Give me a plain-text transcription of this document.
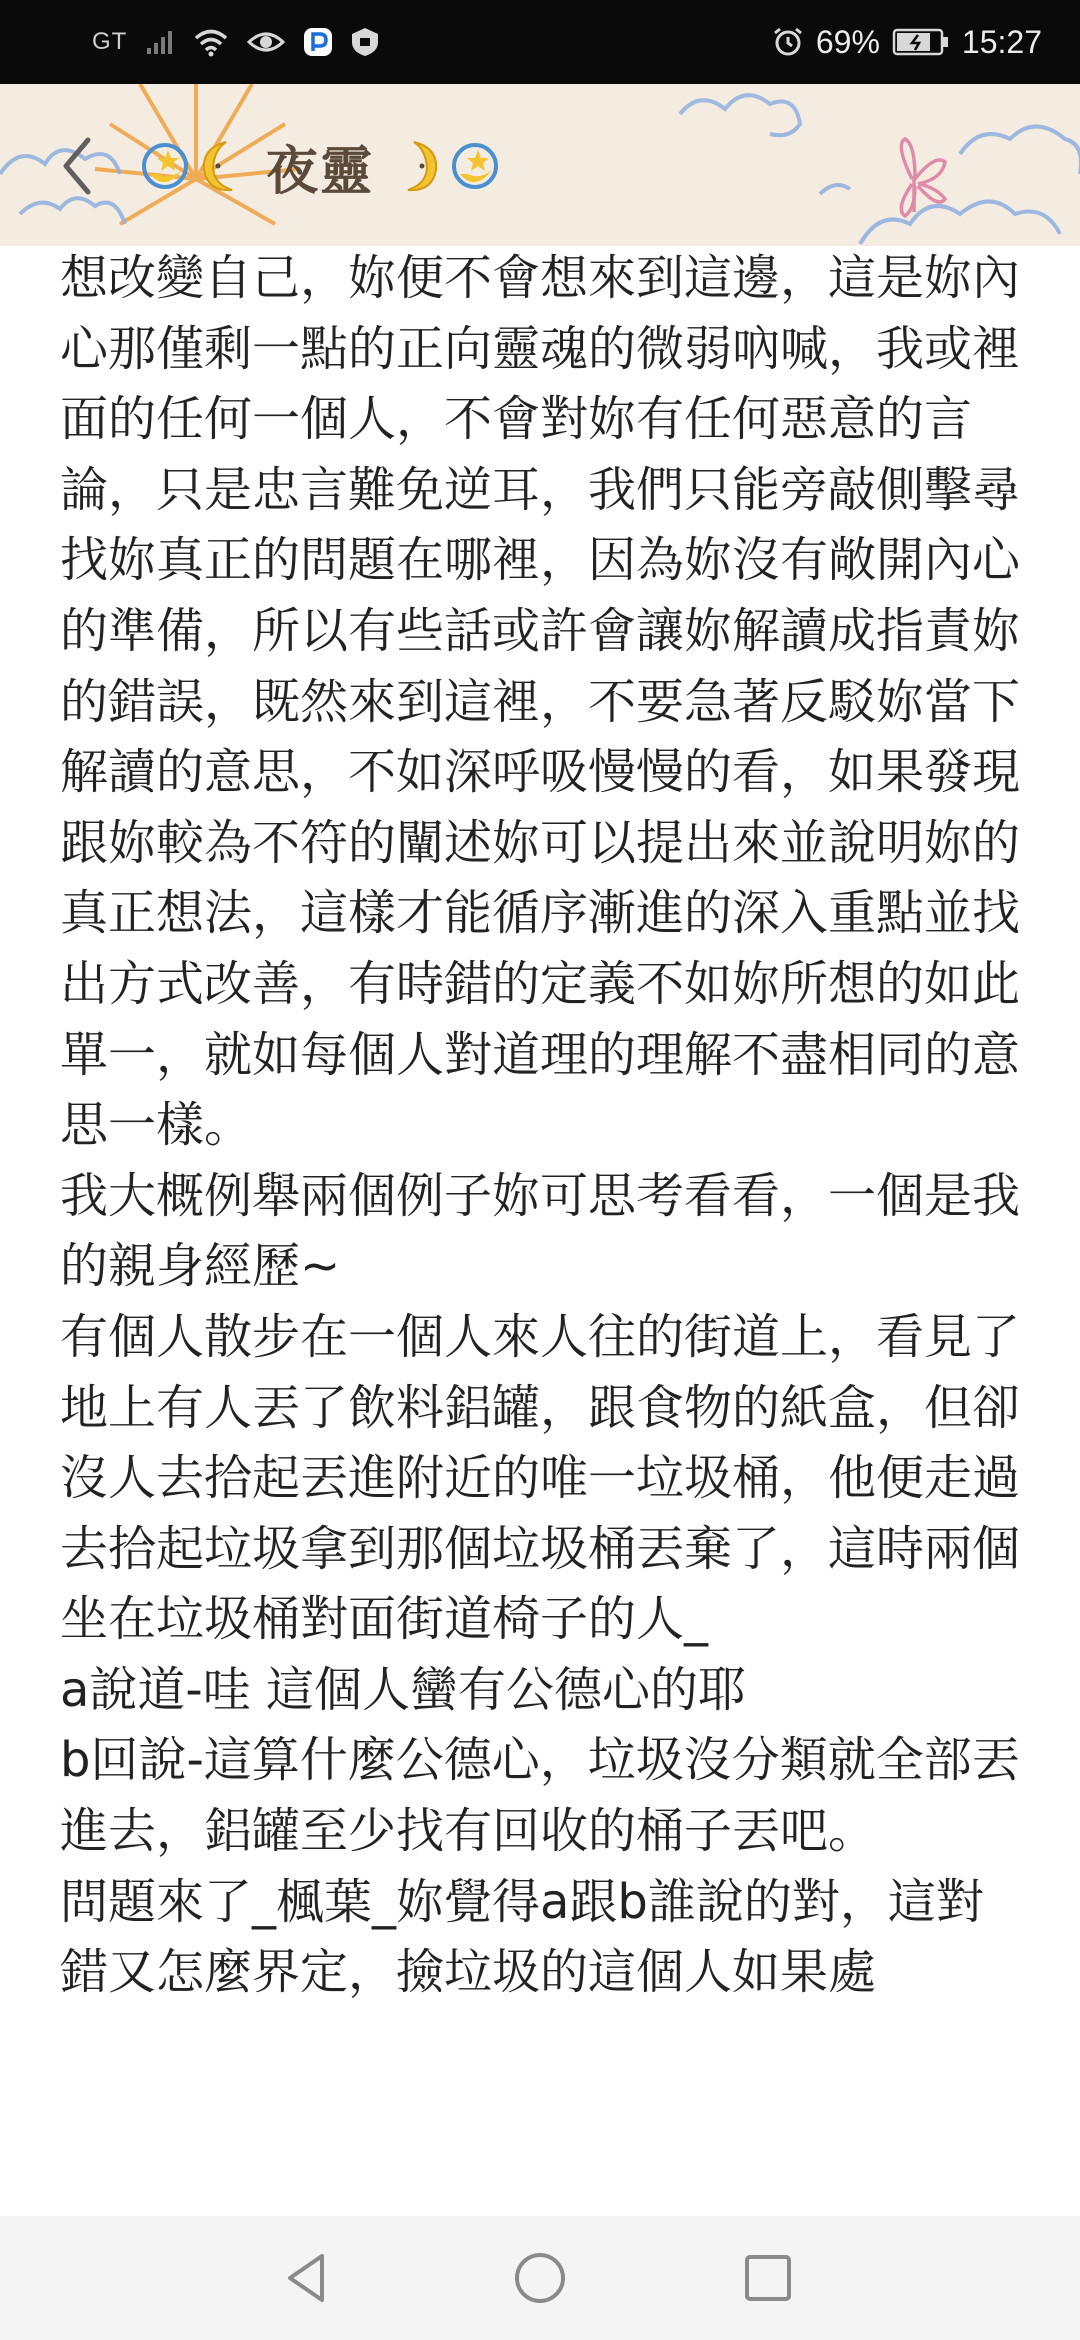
GT	69%	15:27
夜靈

想改變自己，妳便不會想來到這邊，這是妳內心那僅剩一點的正向靈魂的微弱吶喊，我或裡面的任何一個人，不會對妳有任何惡意的言論，只是忠言難免逆耳，我們只能旁敲側擊尋找妳真正的問題在哪裡，因為妳沒有敞開內心的準備，所以有些話或許會讓妳解讀成指責妳的錯誤，既然來到這裡，不要急著反駁妳當下解讀的意思，不如深呼吸慢慢的看，如果發現跟妳較為不符的闡述妳可以提出來並說明妳的真正想法，這樣才能循序漸進的深入重點並找出方式改善，有時錯的定義不如妳所想的如此單一，就如每個人對道理的理解不盡相同的意思一樣。

我大概例舉兩個例子妳可思考看看，一個是我的親身經歷~

有個人散步在一個人來人往的街道上，看見了地上有人丟了飲料鋁罐，跟食物的紙盒，但卻沒人去拾起丟進附近的唯一垃圾桶，他便走過去拾起垃圾拿到那個垃圾桶丟棄了，這時兩個坐在垃圾桶對面街道椅子的人_

a說道-哇 這個人蠻有公德心的耶

b回說-這算什麼公德心，垃圾沒分類就全部丟進去，鋁罐至少找有回收的桶子丟吧。

問題來了_楓葉_妳覺得a跟b誰說的對，這對錯又怎麼界定，撿垃圾的這個人如果處
